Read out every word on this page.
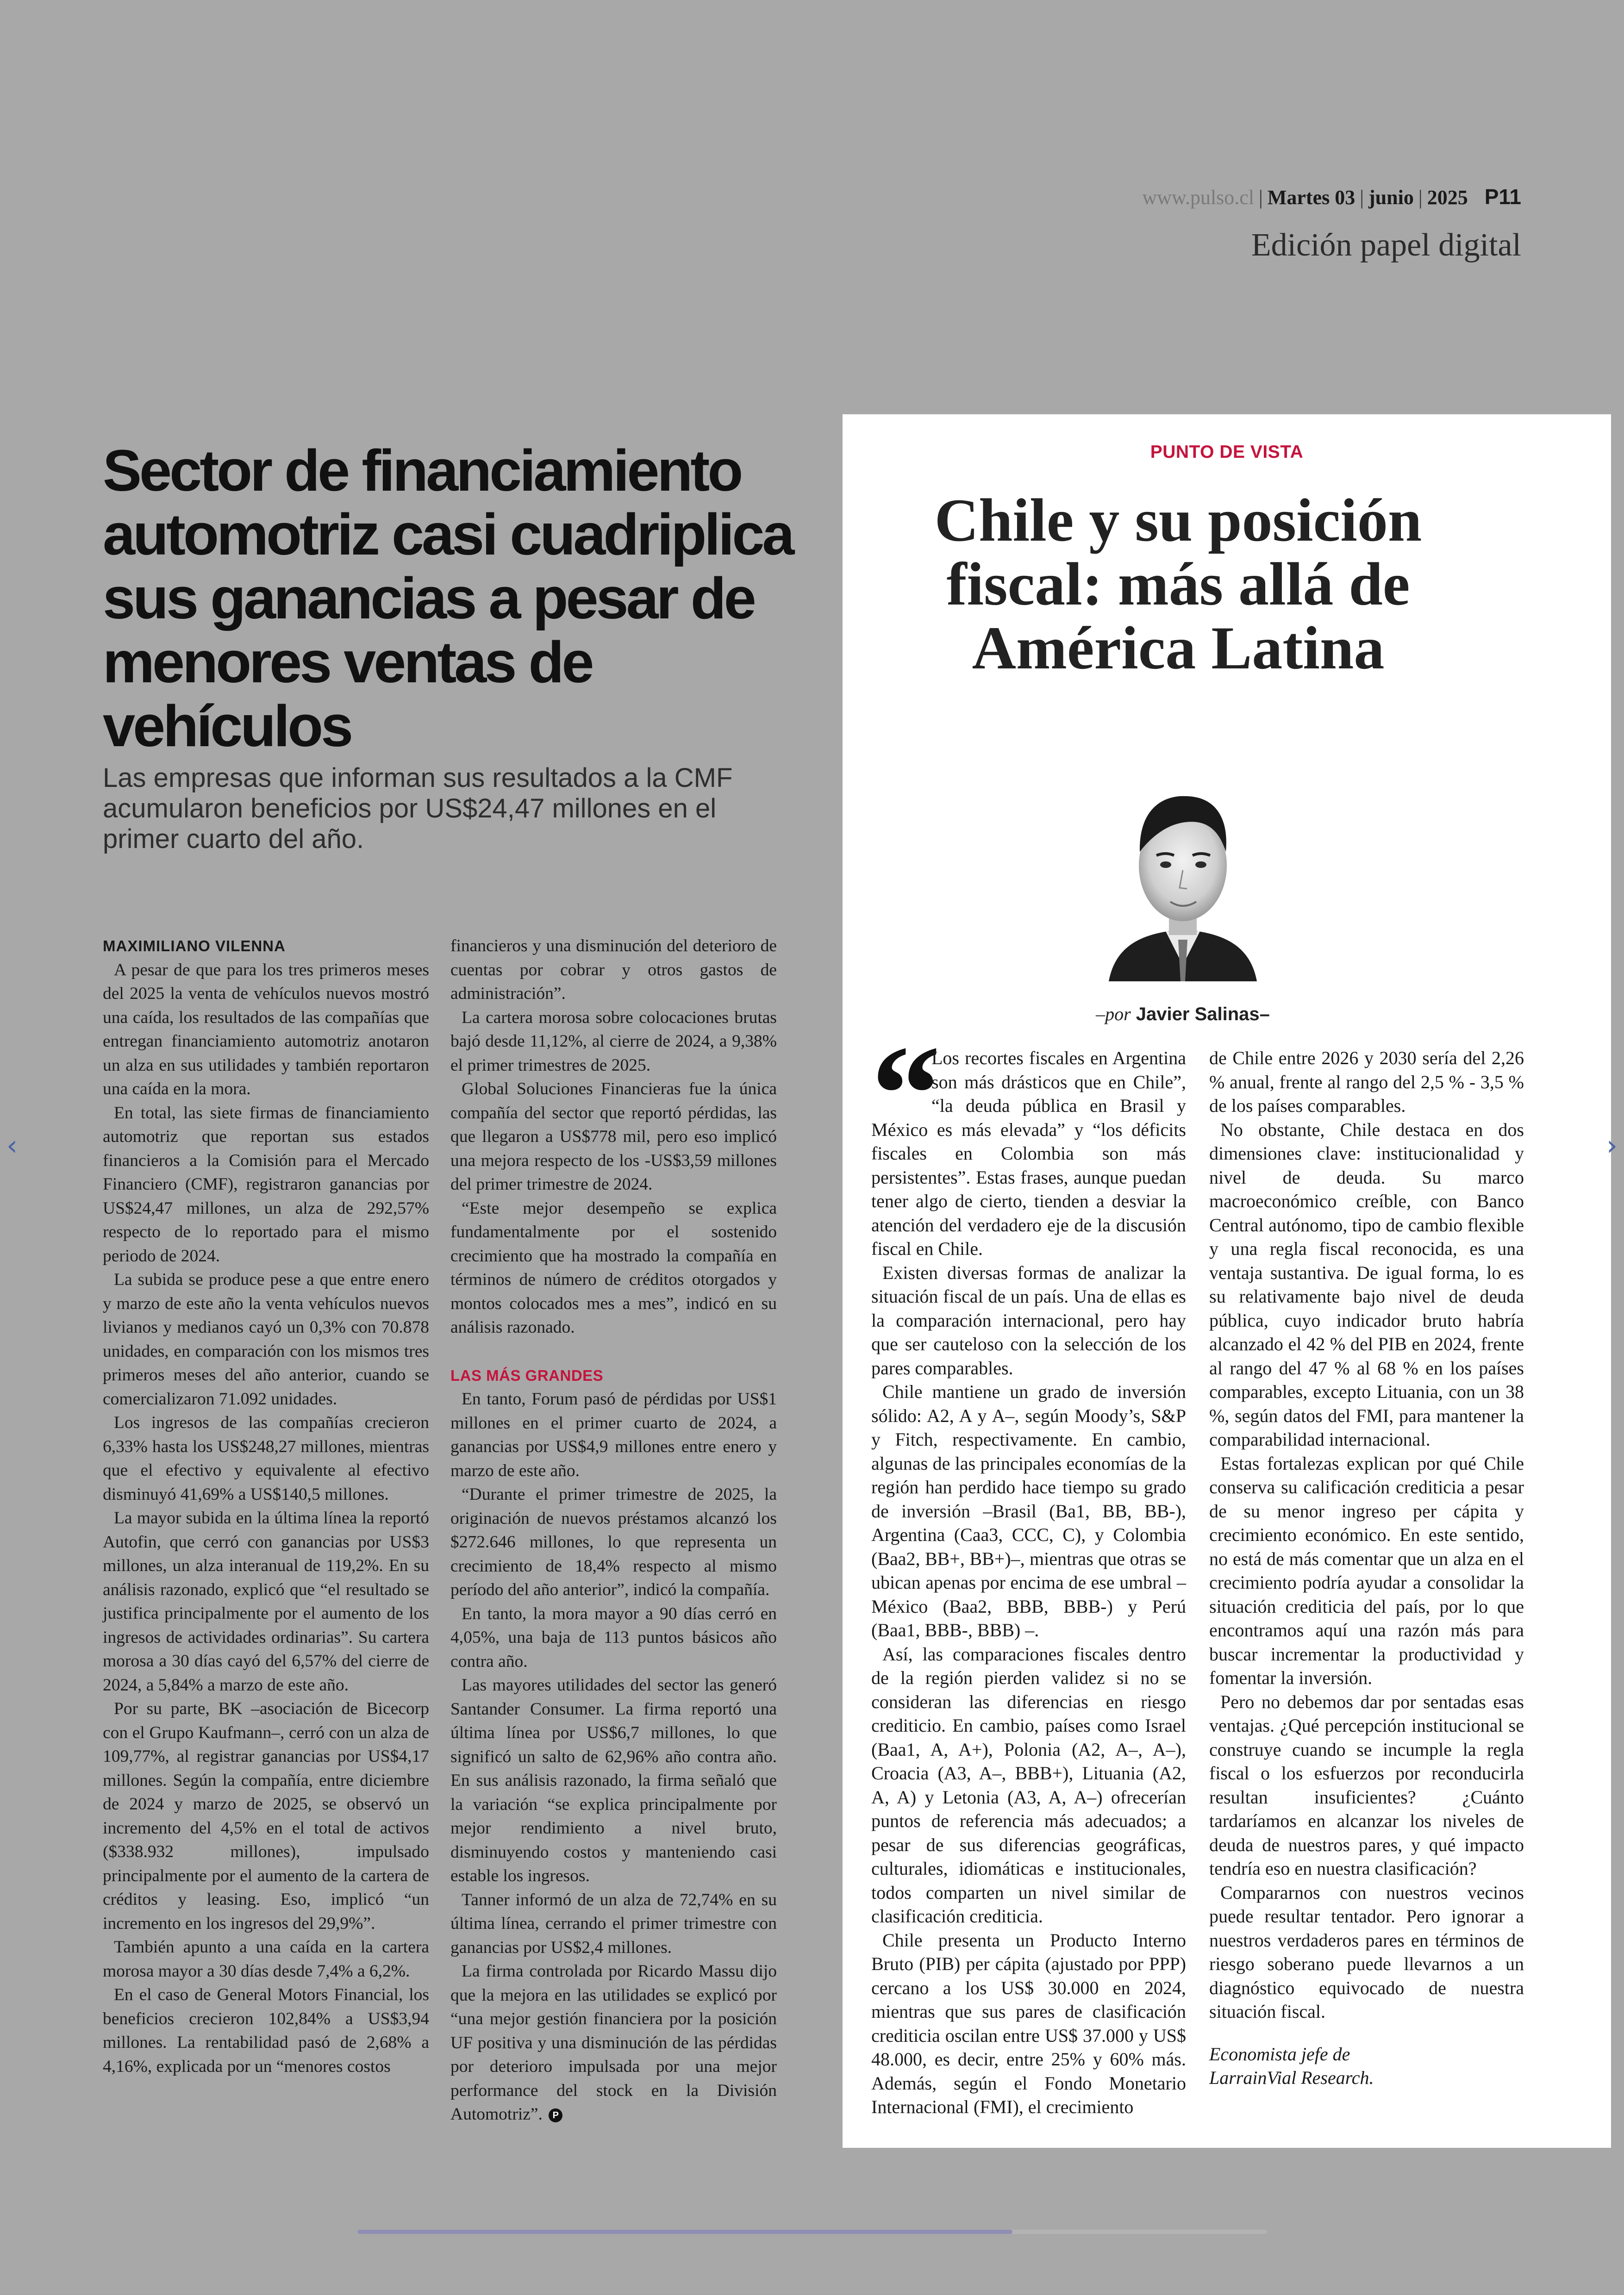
www.pulso.cl | Martes 03 | junio | 2025 P11
Edición papel digital
Sector de financiamiento automotriz casi cuadriplica sus ganancias a pesar de menores ventas de vehículos
Las empresas que informan sus resultados a la CMF acumularon beneficios por US$24,47 millones en el primer cuarto del año.
MAXIMILIANO VILENNA

A pesar de que para los tres primeros meses del 2025 la venta de vehículos nuevos mostró una caída, los resultados de las compañías que entregan financiamiento automotriz anotaron un alza en sus utilidades y también reportaron una caída en la mora.

En total, las siete firmas de financiamiento automotriz que reportan sus estados financieros a la Comisión para el Mercado Financiero (CMF), registraron ganancias por US$24,47 millones, un alza de 292,57% respecto de lo reportado para el mismo periodo de 2024.

La subida se produce pese a que entre enero y marzo de este año la venta vehículos nuevos livianos y medianos cayó un 0,3% con 70.878 unidades, en comparación con los mismos tres primeros meses del año anterior, cuando se comercializaron 71.092 unidades.

Los ingresos de las compañías crecieron 6,33% hasta los US$248,27 millones, mientras que el efectivo y equivalente al efectivo disminuyó 41,69% a US$140,5 millones.

La mayor subida en la última línea la reportó Autofin, que cerró con ganancias por US$3 millones, un alza interanual de 119,2%. En su análisis razonado, explicó que “el resultado se justifica principalmente por el aumento de los ingresos de actividades ordinarias”. Su cartera morosa a 30 días cayó del 6,57% del cierre de 2024, a 5,84% a marzo de este año.

Por su parte, BK –asociación de Bicecorp con el Grupo Kaufmann–, cerró con un alza de 109,77%, al registrar ganancias por US$4,17 millones. Según la compañía, entre diciembre de 2024 y marzo de 2025, se observó un incremento del 4,5% en el total de activos ($338.932 millones), impulsado principalmente por el aumento de la cartera de créditos y leasing. Eso, implicó “un incremento en los ingresos del 29,9%”.

También apunto a una caída en la cartera morosa mayor a 30 días desde 7,4% a 6,2%.

En el caso de General Motors Financial, los beneficios crecieron 102,84% a US$3,94 millones. La rentabilidad pasó de 2,68% a 4,16%, explicada por un “menores costos

financieros y una disminución del deterioro de cuentas por cobrar y otros gastos de administración”.

La cartera morosa sobre colocaciones brutas bajó desde 11,12%, al cierre de 2024, a 9,38% el primer trimestres de 2025.

Global Soluciones Financieras fue la única compañía del sector que reportó pérdidas, las que llegaron a US$778 mil, pero eso implicó una mejora respecto de los -US$3,59 millones del primer trimestre de 2024.

“Este mejor desempeño se explica fundamentalmente por el sostenido crecimiento que ha mostrado la compañía en términos de número de créditos otorgados y montos colocados mes a mes”, indicó en su análisis razonado.

LAS MÁS GRANDES

En tanto, Forum pasó de pérdidas por US$1 millones en el primer cuarto de 2024, a ganancias por US$4,9 millones entre enero y marzo de este año.

“Durante el primer trimestre de 2025, la originación de nuevos préstamos alcanzó los $272.646 millones, lo que representa un crecimiento de 18,4% respecto al mismo período del año anterior”, indicó la compañía.

En tanto, la mora mayor a 90 días cerró en 4,05%, una baja de 113 puntos básicos año contra año.

Las mayores utilidades del sector las generó Santander Consumer. La firma reportó una última línea por US$6,7 millones, lo que significó un salto de 62,96% año contra año. En sus análisis razonado, la firma señaló que la variación “se explica principalmente por mejor rendimiento a nivel bruto, disminuyendo costos y manteniendo casi estable los ingresos.

Tanner informó de un alza de 72,74% en su última línea, cerrando el primer trimestre con ganancias por US$2,4 millones.

La firma controlada por Ricardo Massu dijo que la mejora en las utilidades se explicó por “una mejor gestión financiera por la posición UF positiva y una disminución de las pérdidas por deterioro impulsada por una mejor performance del stock en la División Automotriz”. P

PUNTO DE VISTA
Chile y su posición fiscal: más allá de América Latina
–por Javier Salinas–
“

Los recortes fiscales en Argentina son más drásticos que en Chile”, “la deuda pública en Brasil y México es más elevada” y “los déficits fiscales en Colombia son más persistentes”. Estas frases, aunque puedan tener algo de cierto, tienden a desviar la atención del verdadero eje de la discusión fiscal en Chile.

Existen diversas formas de analizar la situación fiscal de un país. Una de ellas es la comparación internacional, pero hay que ser cauteloso con la selección de los pares comparables.

Chile mantiene un grado de inversión sólido: A2, A y A–, según Moody’s, S&P y Fitch, respectivamente. En cambio, algunas de las principales economías de la región han perdido hace tiempo su grado de inversión –Brasil (Ba1, BB, BB-), Argentina (Caa3, CCC, C), y Colombia (Baa2, BB+, BB+)–, mientras que otras se ubican apenas por encima de ese umbral –México (Baa2, BBB, BBB-) y Perú (Baa1, BBB-, BBB) –.

Así, las comparaciones fiscales dentro de la región pierden validez si no se consideran las diferencias en riesgo crediticio. En cambio, países como Israel (Baa1, A, A+), Polonia (A2, A–, A–), Croacia (A3, A–, BBB+), Lituania (A2, A, A) y Letonia (A3, A, A–) ofrecerían puntos de referencia más adecuados; a pesar de sus diferencias geográficas, culturales, idiomáticas e institucionales, todos comparten un nivel similar de clasificación crediticia.

Chile presenta un Producto Interno Bruto (PIB) per cápita (ajustado por PPP) cercano a los US$ 30.000 en 2024, mientras que sus pares de clasificación crediticia oscilan entre US$ 37.000 y US$ 48.000, es decir, entre 25% y 60% más. Además, según el Fondo Monetario Internacional (FMI), el crecimiento

de Chile entre 2026 y 2030 sería del 2,26 % anual, frente al rango del 2,5 % - 3,5 % de los países comparables.

No obstante, Chile destaca en dos dimensiones clave: institucionalidad y nivel de deuda. Su marco macroeconómico creíble, con Banco Central autónomo, tipo de cambio flexible y una regla fiscal reconocida, es una ventaja sustantiva. De igual forma, lo es su relativamente bajo nivel de deuda pública, cuyo indicador bruto habría alcanzado el 42 % del PIB en 2024, frente al rango del 47 % al 68 % en los países comparables, excepto Lituania, con un 38 %, según datos del FMI, para mantener la comparabilidad internacional.

Estas fortalezas explican por qué Chile conserva su calificación crediticia a pesar de su menor ingreso per cápita y crecimiento económico. En este sentido, no está de más comentar que un alza en el crecimiento podría ayudar a consolidar la situación crediticia del país, por lo que encontramos aquí una razón más para buscar incrementar la productividad y fomentar la inversión.

Pero no debemos dar por sentadas esas ventajas. ¿Qué percepción institucional se construye cuando se incumple la regla fiscal o los esfuerzos por reconducirla resultan insuficientes? ¿Cuánto tardaríamos en alcanzar los niveles de deuda de nuestros pares, y qué impacto tendría eso en nuestra clasificación?

Compararnos con nuestros vecinos puede resultar tentador. Pero ignorar a nuestros verdaderos pares en términos de riesgo soberano puede llevarnos a un diagnóstico equivocado de nuestra situación fiscal.

Economista jefe de
LarrainVial Research.

‹	›
